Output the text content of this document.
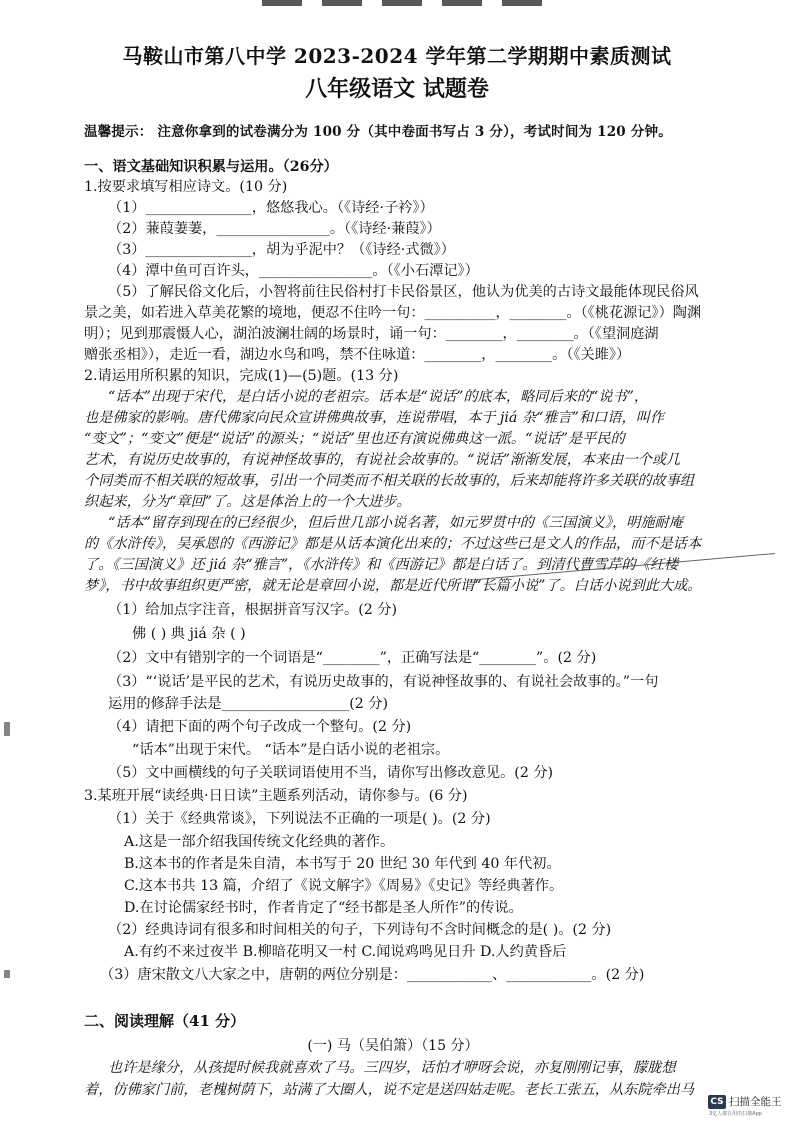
马鞍山市第八中学 2023-2024 学年第二学期期中素质测试
八年级语文 试题卷
温馨提示： 注意你拿到的试卷满分为 100 分（其中卷面书写占 3 分），考试时间为 120 分钟。
一、语文基础知识积累与运用。（26分）
1.按要求填写相应诗文。(10 分)
（1）_______________，悠悠我心。（《诗经·子衿》）
（2）蒹葭萋萋，________________。（《诗经·蒹葭》）
（3）_______________，胡为乎泥中？（《诗经·式微》）
（4）潭中鱼可百许头，________________。（《小石潭记》）
（5）了解民俗文化后，小智将前往民俗村打卡民俗景区，他认为优美的古诗文最能体现民俗风
景之美，如若进入草美花繁的境地，便忍不住吟一句：__________，________。（《桃花源记》）陶渊
明）；见到那震慑人心，湖泊波澜壮阔的场景时，诵一句：________，________。（《望洞庭湖
赠张丞相》），走近一看，湖边水鸟和鸣，禁不住咏道：________，________。（《关雎》）
2.请运用所积累的知识，完成(1)—(5)题。(13 分)
“话本”出现于宋代，是白话小说的老祖宗。话本是“说话”的底本，略同后来的“说书”，
也是佛家的影响。唐代佛家向民众宣讲佛典故事，连说带唱，本于 jiá 杂“雅言”和口语，叫作
“变文”；“变文”便是“说话”的源头；“说话”里也还有演说佛典这一派。“说话”是平民的
艺术，有说历史故事的，有说神怪故事的，有说社会故事的。“说话”渐渐发展，本来由一个或几
个同类而不相关联的短故事，引出一个同类而不相关联的长故事的，后来却能将许多关联的故事组
织起来，分为“章回”了。这是体治上的一个大进步。
“话本”留存到现在的已经很少，但后世几部小说名著，如元罗贯中的《三国演义》，明施耐庵
的《水浒传》，吴承恩的《西游记》都是从话本演化出来的；不过这些已是文人的作品，而不是话本
了。《三国演义》还 jiá 杂“雅言”，《水浒传》和《西游记》都是白话了。到清代曹雪芹的《红楼
梦》，书中故事组织更严密，就无论是章回小说，都是近代所谓“长篇小说”了。白话小说到此大成。
（1）给加点字注音，根据拼音写汉字。(2 分)
佛 ( ) 典 jiá 杂 ( )
（2）文中有错别字的一个词语是“________”，正确写法是“________”。(2 分)
（3）“‘说话’是平民的艺术，有说历史故事的，有说神怪故事的、有说社会故事的。”一句
运用的修辞手法是__________________(2 分)
（4）请把下面的两个句子改成一个整句。(2 分)
“话本”出现于宋代。 “话本”是白话小说的老祖宗。
（5）文中画横线的句子关联词语使用不当，请你写出修改意见。(2 分)
3.某班开展“读经典·日日读”主题系列活动，请你参与。(6 分)
（1）关于《经典常谈》，下列说法不正确的一项是( )。(2 分)
A.这是一部介绍我国传统文化经典的著作。
B.这本书的作者是朱自清，本书写于 20 世纪 30 年代到 40 年代初。
C.这本书共 13 篇，介绍了《说文解字》《周易》《史记》等经典著作。
D.在讨论儒家经书时，作者肯定了“经书都是圣人所作”的传说。
（2）经典诗词有很多和时间相关的句子，下列诗句不含时间概念的是( )。(2 分)
A.有约不来过夜半 B.柳暗花明又一村 C.闻说鸡鸣见日升 D.人约黄昏后
（3）唐宋散文八大家之中，唐朝的两位分别是：____________、____________。(2 分)
二、阅读理解（41 分）
(一) 马（吴伯箫）（15 分）
也许是缘分，从孩提时候我就喜欢了马。三四岁，话怕才咿呀会说，亦复刚刚记事，朦胧想
着，仿佛家门前，老槐树荫下，站满了大圈人，说不定是送四姑走呢。老长工张五，从东院牵出马
CS 扫描全能王
3亿人都在用的扫描App
